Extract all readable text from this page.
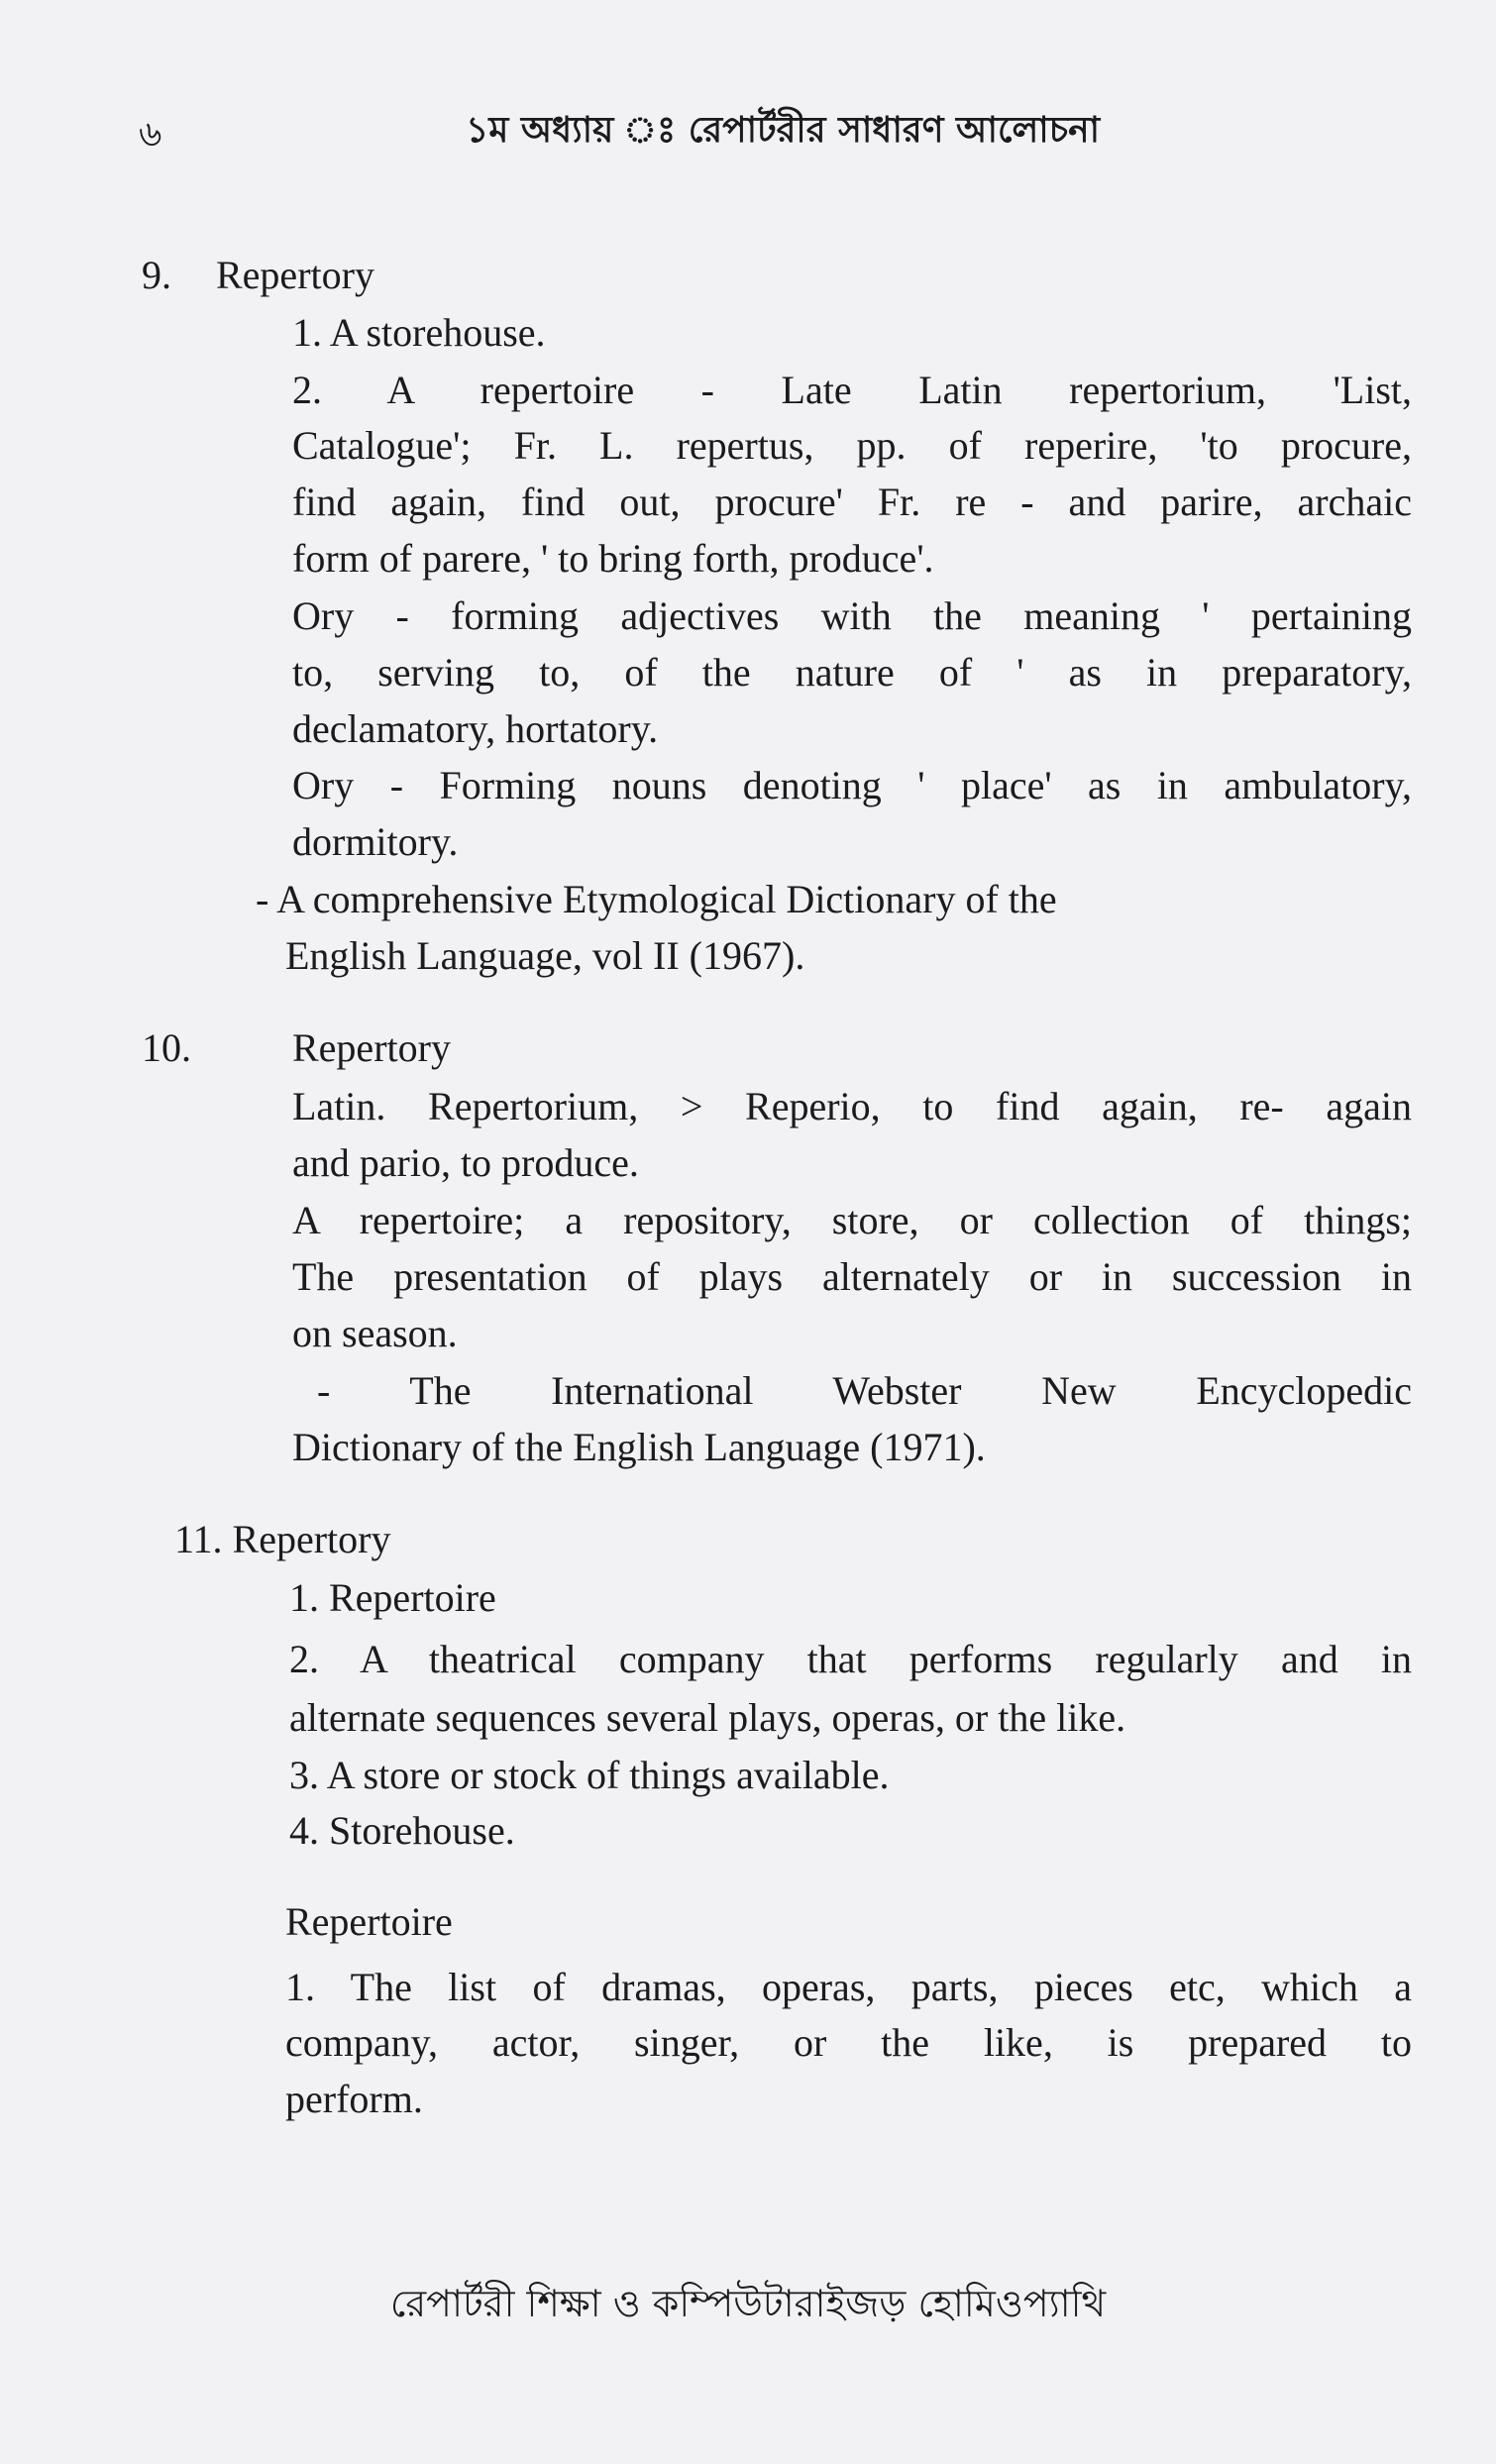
৬	১ম অধ্যায় ঃ রেপার্টরীর সাধারণ আলোচনা
9. Repertory
1. A storehouse.
2. A repertoire - Late Latin repertorium, 'List,
Catalogue'; Fr. L. repertus, pp. of reperire, 'to procure,
find again, find out, procure' Fr. re - and parire, archaic
form of parere, ' to bring forth, produce'.
Ory - forming adjectives with the meaning ' pertaining
to, serving to, of the nature of ' as in preparatory,
declamatory, hortatory.
Ory - Forming nouns denoting ' place' as in ambulatory,
dormitory.
- A comprehensive Etymological Dictionary of the
English Language, vol II (1967).
10.	Repertory
Latin. Repertorium, > Reperio, to find again, re- again
and pario, to produce.
A repertoire; a repository, store, or collection of things;
The presentation of plays alternately or in succession in
on season.
- The International Webster New Encyclopedic
Dictionary of the English Language (1971).
11. Repertory
1. Repertoire
2. A theatrical company that performs regularly and in
alternate sequences several plays, operas, or the like.
3. A store or stock of things available.
4. Storehouse.
Repertoire
1. The list of dramas, operas, parts, pieces etc, which a
company, actor, singer, or the like, is prepared to
perform.
রেপার্টরী শিক্ষা ও কম্পিউটারাইজড় হোমিওপ্যাথি
